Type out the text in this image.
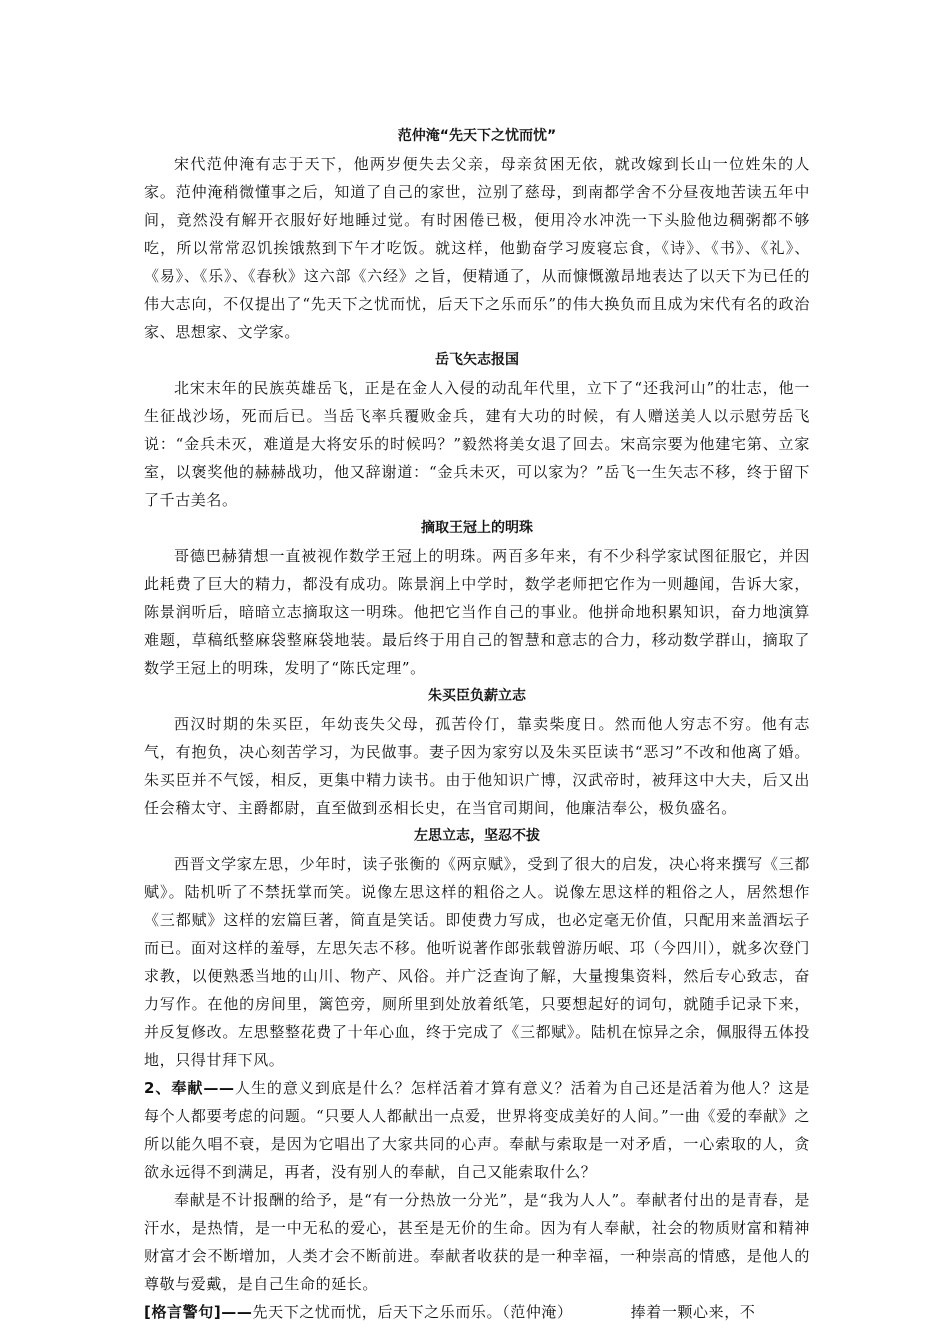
范仲淹“先天下之忧而忧”

宋代范仲淹有志于天下，他两岁便失去父亲，母亲贫困无依，就改嫁到长山一位姓朱的人家。范仲淹稍微懂事之后，知道了自己的家世，泣别了慈母，到南都学舍不分昼夜地苦读五年中间，竟然没有解开衣服好好地睡过觉。有时困倦已极，便用冷水冲洗一下头脸他边稠粥都不够吃，所以常常忍饥挨饿熬到下午才吃饭。就这样，他勤奋学习废寝忘食，《诗》、《书》、《礼》、《易》、《乐》、《春秋》这六部《六经》之旨，便精通了，从而慷慨激昂地表达了以天下为已任的伟大志向，不仅提出了“先天下之忧而忧，后天下之乐而乐”的伟大换负而且成为宋代有名的政治家、思想家、文学家。

岳飞矢志报国

北宋末年的民族英雄岳飞，正是在金人入侵的动乱年代里，立下了“还我河山”的壮志，他一生征战沙场，死而后已。当岳飞率兵覆败金兵，建有大功的时候，有人赠送美人以示慰劳岳飞说：“金兵未灭，难道是大将安乐的时候吗？”毅然将美女退了回去。宋高宗要为他建宅第、立家室，以褒奖他的赫赫战功，他又辞谢道：“金兵未灭，可以家为？”岳飞一生矢志不移，终于留下了千古美名。

摘取王冠上的明珠

哥德巴赫猜想一直被视作数学王冠上的明珠。两百多年来，有不少科学家试图征服它，并因此耗费了巨大的精力，都没有成功。陈景润上中学时，数学老师把它作为一则趣闻，告诉大家，陈景润听后，暗暗立志摘取这一明珠。他把它当作自己的事业。他拼命地积累知识，奋力地演算难题，草稿纸整麻袋整麻袋地装。最后终于用自己的智慧和意志的合力，移动数学群山，摘取了数学王冠上的明珠，发明了“陈氏定理”。

朱买臣负薪立志

西汉时期的朱买臣，年幼丧失父母，孤苦伶仃，靠卖柴度日。然而他人穷志不穷。他有志气，有抱负，决心刻苦学习，为民做事。妻子因为家穷以及朱买臣读书“恶习”不改和他离了婚。朱买臣并不气馁，相反，更集中精力读书。由于他知识广博，汉武帝时，被拜这中大夫，后又出任会稽太守、主爵都尉，直至做到丞相长史，在当官司期间，他廉洁奉公，极负盛名。

左思立志，坚忍不拔

西晋文学家左思，少年时，读子张衡的《两京赋》，受到了很大的启发，决心将来撰写《三都赋》。陆机听了不禁抚掌而笑。说像左思这样的粗俗之人。说像左思这样的粗俗之人，居然想作《三都赋》这样的宏篇巨著，简直是笑话。即使费力写成，也必定毫无价值，只配用来盖酒坛子而已。面对这样的羞辱，左思矢志不移。他听说著作郎张载曾游历岷、邛（今四川），就多次登门求教，以便熟悉当地的山川、物产、风俗。并广泛查询了解，大量搜集资料，然后专心致志，奋力写作。在他的房间里，篱笆旁，厕所里到处放着纸笔，只要想起好的词句，就随手记录下来，并反复修改。左思整整花费了十年心血，终于完成了《三都赋》。陆机在惊异之余，佩服得五体投地，只得甘拜下风。

2、奉献——人生的意义到底是什么？怎样活着才算有意义？活着为自己还是活着为他人？这是每个人都要考虑的问题。“只要人人都献出一点爱，世界将变成美好的人间。”一曲《爱的奉献》之所以能久唱不衰，是因为它唱出了大家共同的心声。奉献与索取是一对矛盾，一心索取的人，贪欲永远得不到满足，再者，没有别人的奉献，自己又能索取什么？

奉献是不计报酬的给予，是“有一分热放一分光”，是“我为人人”。奉献者付出的是青春，是汗水，是热情，是一中无私的爱心，甚至是无价的生命。因为有人奉献，社会的物质财富和精神财富才会不断增加，人类才会不断前进。奉献者收获的是一种幸福，一种崇高的情感，是他人的尊敬与爱戴，是自己生命的延长。

[格言警句]——先天下之忧而忧，后天下之乐而乐。（范仲淹）	捧着一颗心来，不
